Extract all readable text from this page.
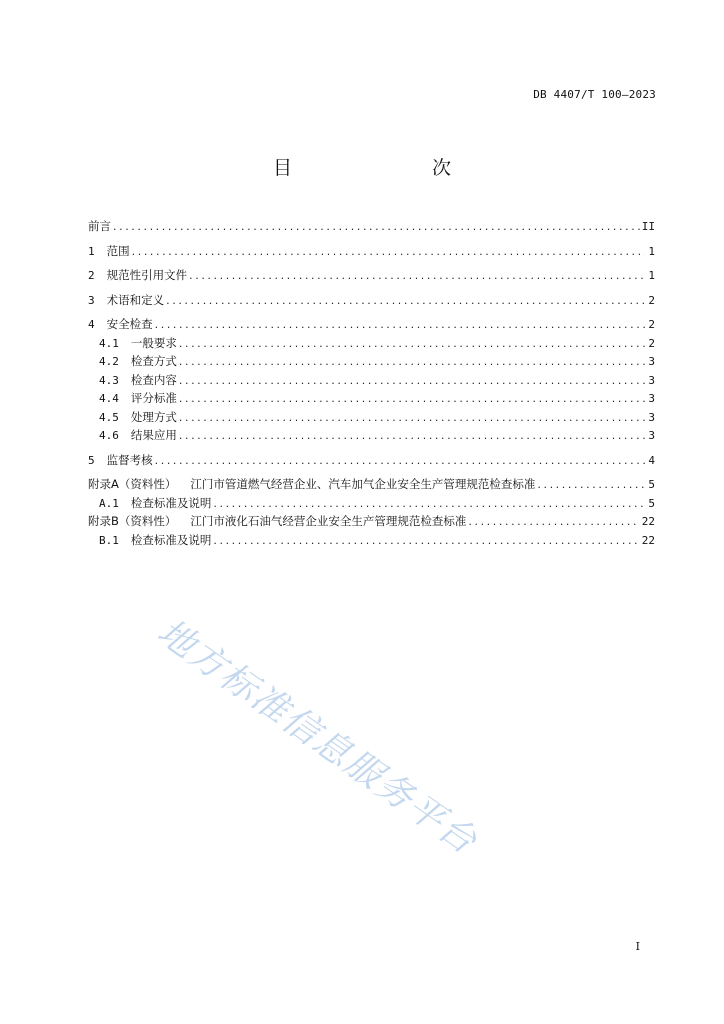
DB 4407/T 100—2023
目　　次
前言 .....	II
1 范围 .....	1
2 规范性引用文件 .....	1
3 术语和定义 .....	2
4 安全检查 .....	2
4.1 一般要求 .....	2
4.2 检查方式 .....	3
4.3 检查内容 .....	3
4.4 评分标准 .....	3
4.5 处理方式 .....	3
4.6 结果应用 .....	3
5 监督考核 .....	4
附录A（资料性） 江门市管道燃气经营企业、汽车加气企业安全生产管理规范检查标准 .....	5
A.1 检查标准及说明 .....	5
附录B（资料性） 江门市液化石油气经营企业安全生产管理规范检查标准 .....	22
B.1 检查标准及说明 .....	22
地方标准信息服务平台
I
